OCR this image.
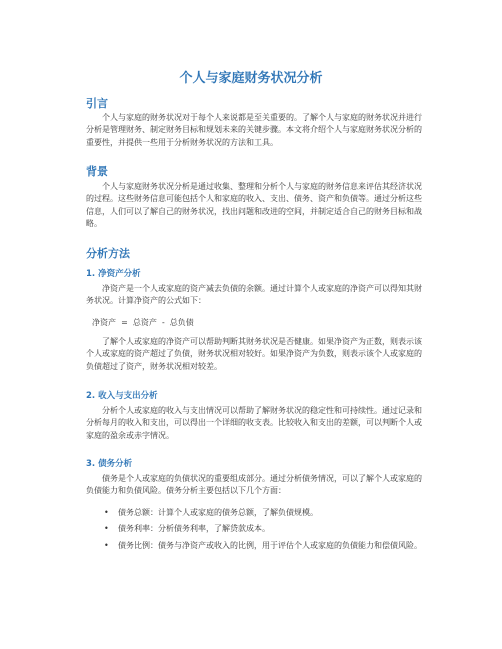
个人与家庭财务状况分析
引言

个人与家庭的财务状况对于每个人来说都是至关重要的。了解个人与家庭的财务状况并进行分析是管理财务、制定财务目标和规划未来的关键步骤。本文将介绍个人与家庭财务状况分析的重要性，并提供一些用于分析财务状况的方法和工具。

背景

个人与家庭财务状况分析是通过收集、整理和分析个人与家庭的财务信息来评估其经济状况的过程。这些财务信息可能包括个人和家庭的收入、支出、债务、资产和负债等。通过分析这些信息，人们可以了解自己的财务状况，找出问题和改进的空间，并制定适合自己的财务目标和战略。

分析方法
1. 净资产分析

净资产是一个人或家庭的资产减去负债的余额。通过计算个人或家庭的净资产可以得知其财务状况。计算净资产的公式如下：

净资产  =  总资产  -  总负债

了解个人或家庭的净资产可以帮助判断其财务状况是否健康。如果净资产为正数，则表示该个人或家庭的资产超过了负债，财务状况相对较好。如果净资产为负数，则表示该个人或家庭的负债超过了资产，财务状况相对较差。

2. 收入与支出分析

分析个人或家庭的收入与支出情况可以帮助了解财务状况的稳定性和可持续性。通过记录和分析每月的收入和支出，可以得出一个详细的收支表。比较收入和支出的差额，可以判断个人或家庭的盈余或赤字情况。

3. 债务分析

债务是个人或家庭的负债状况的重要组成部分。通过分析债务情况，可以了解个人或家庭的负债能力和负债风险。债务分析主要包括以下几个方面：

• 债务总额：计算个人或家庭的债务总额，了解负债规模。
• 债务利率：分析债务利率，了解贷款成本。
• 债务比例：债务与净资产或收入的比例，用于评估个人或家庭的负债能力和偿债风险。
